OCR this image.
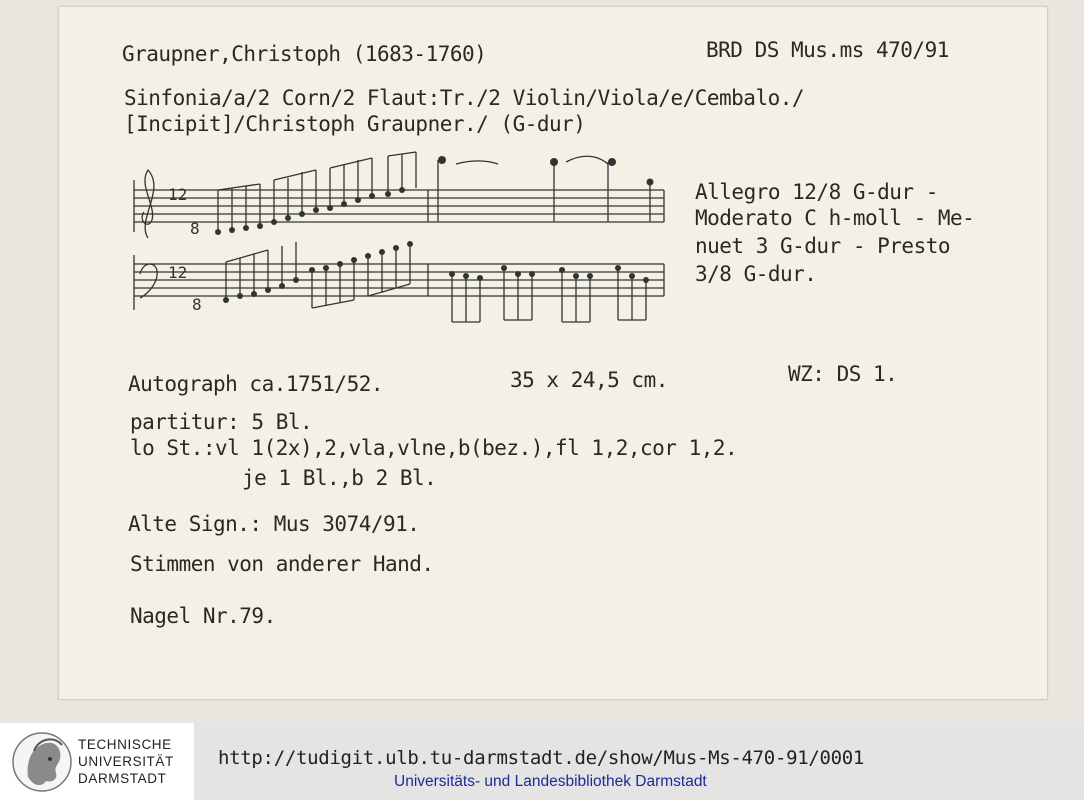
Graupner,Christoph (1683-1760)	BRD DS Mus.ms 470/91
Sinfonia/a/2 Corn/2 Flaut:Tr./2 Violin/Viola/e/Cembalo./
[Incipit]/Christoph Graupner./ (G-dur)
12
8
12
8
Allegro 12/8 G-dur -
Moderato C h-moll - Me-
nuet 3 G-dur - Presto
3/8 G-dur.
Autograph ca.1751/52.	35 x 24,5 cm.	WZ: DS 1.
partitur: 5 Bl.
lo St.:vl 1(2x),2,vla,vlne,b(bez.),fl 1,2,cor 1,2.
je 1 Bl.,b 2 Bl.
Alte Sign.: Mus 3074/91.
Stimmen von anderer Hand.
Nagel Nr.79.
TECHNISCHE
UNIVERSITÄT
DARMSTADT
http://tudigit.ulb.tu-darmstadt.de/show/Mus-Ms-470-91/0001
Universitäts- und Landesbibliothek Darmstadt
